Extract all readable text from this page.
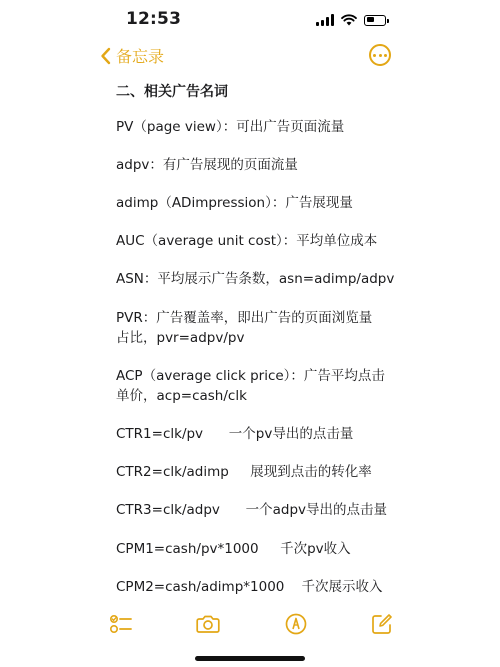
12:53
备忘录
二、相关广告名词
PV（page view）：可出广告页面流量
adpv：有广告展现的页面流量
adimp（ADimpression）：广告展现量
AUC（average unit cost）：平均单位成本
ASN：平均展示广告条数，asn=adimp/adpv
PVR：广告覆盖率，即出广告的页面浏览量
占比，pvr=adpv/pv
ACP（average click price）：广告平均点击
单价，acp=cash/clk
CTR1=clk/pv      一个pv导出的点击量
CTR2=clk/adimp     展现到点击的转化率
CTR3=clk/adpv      一个adpv导出的点击量
CPM1=cash/pv*1000     千次pv收入
CPM2=cash/adimp*1000    千次展示收入
